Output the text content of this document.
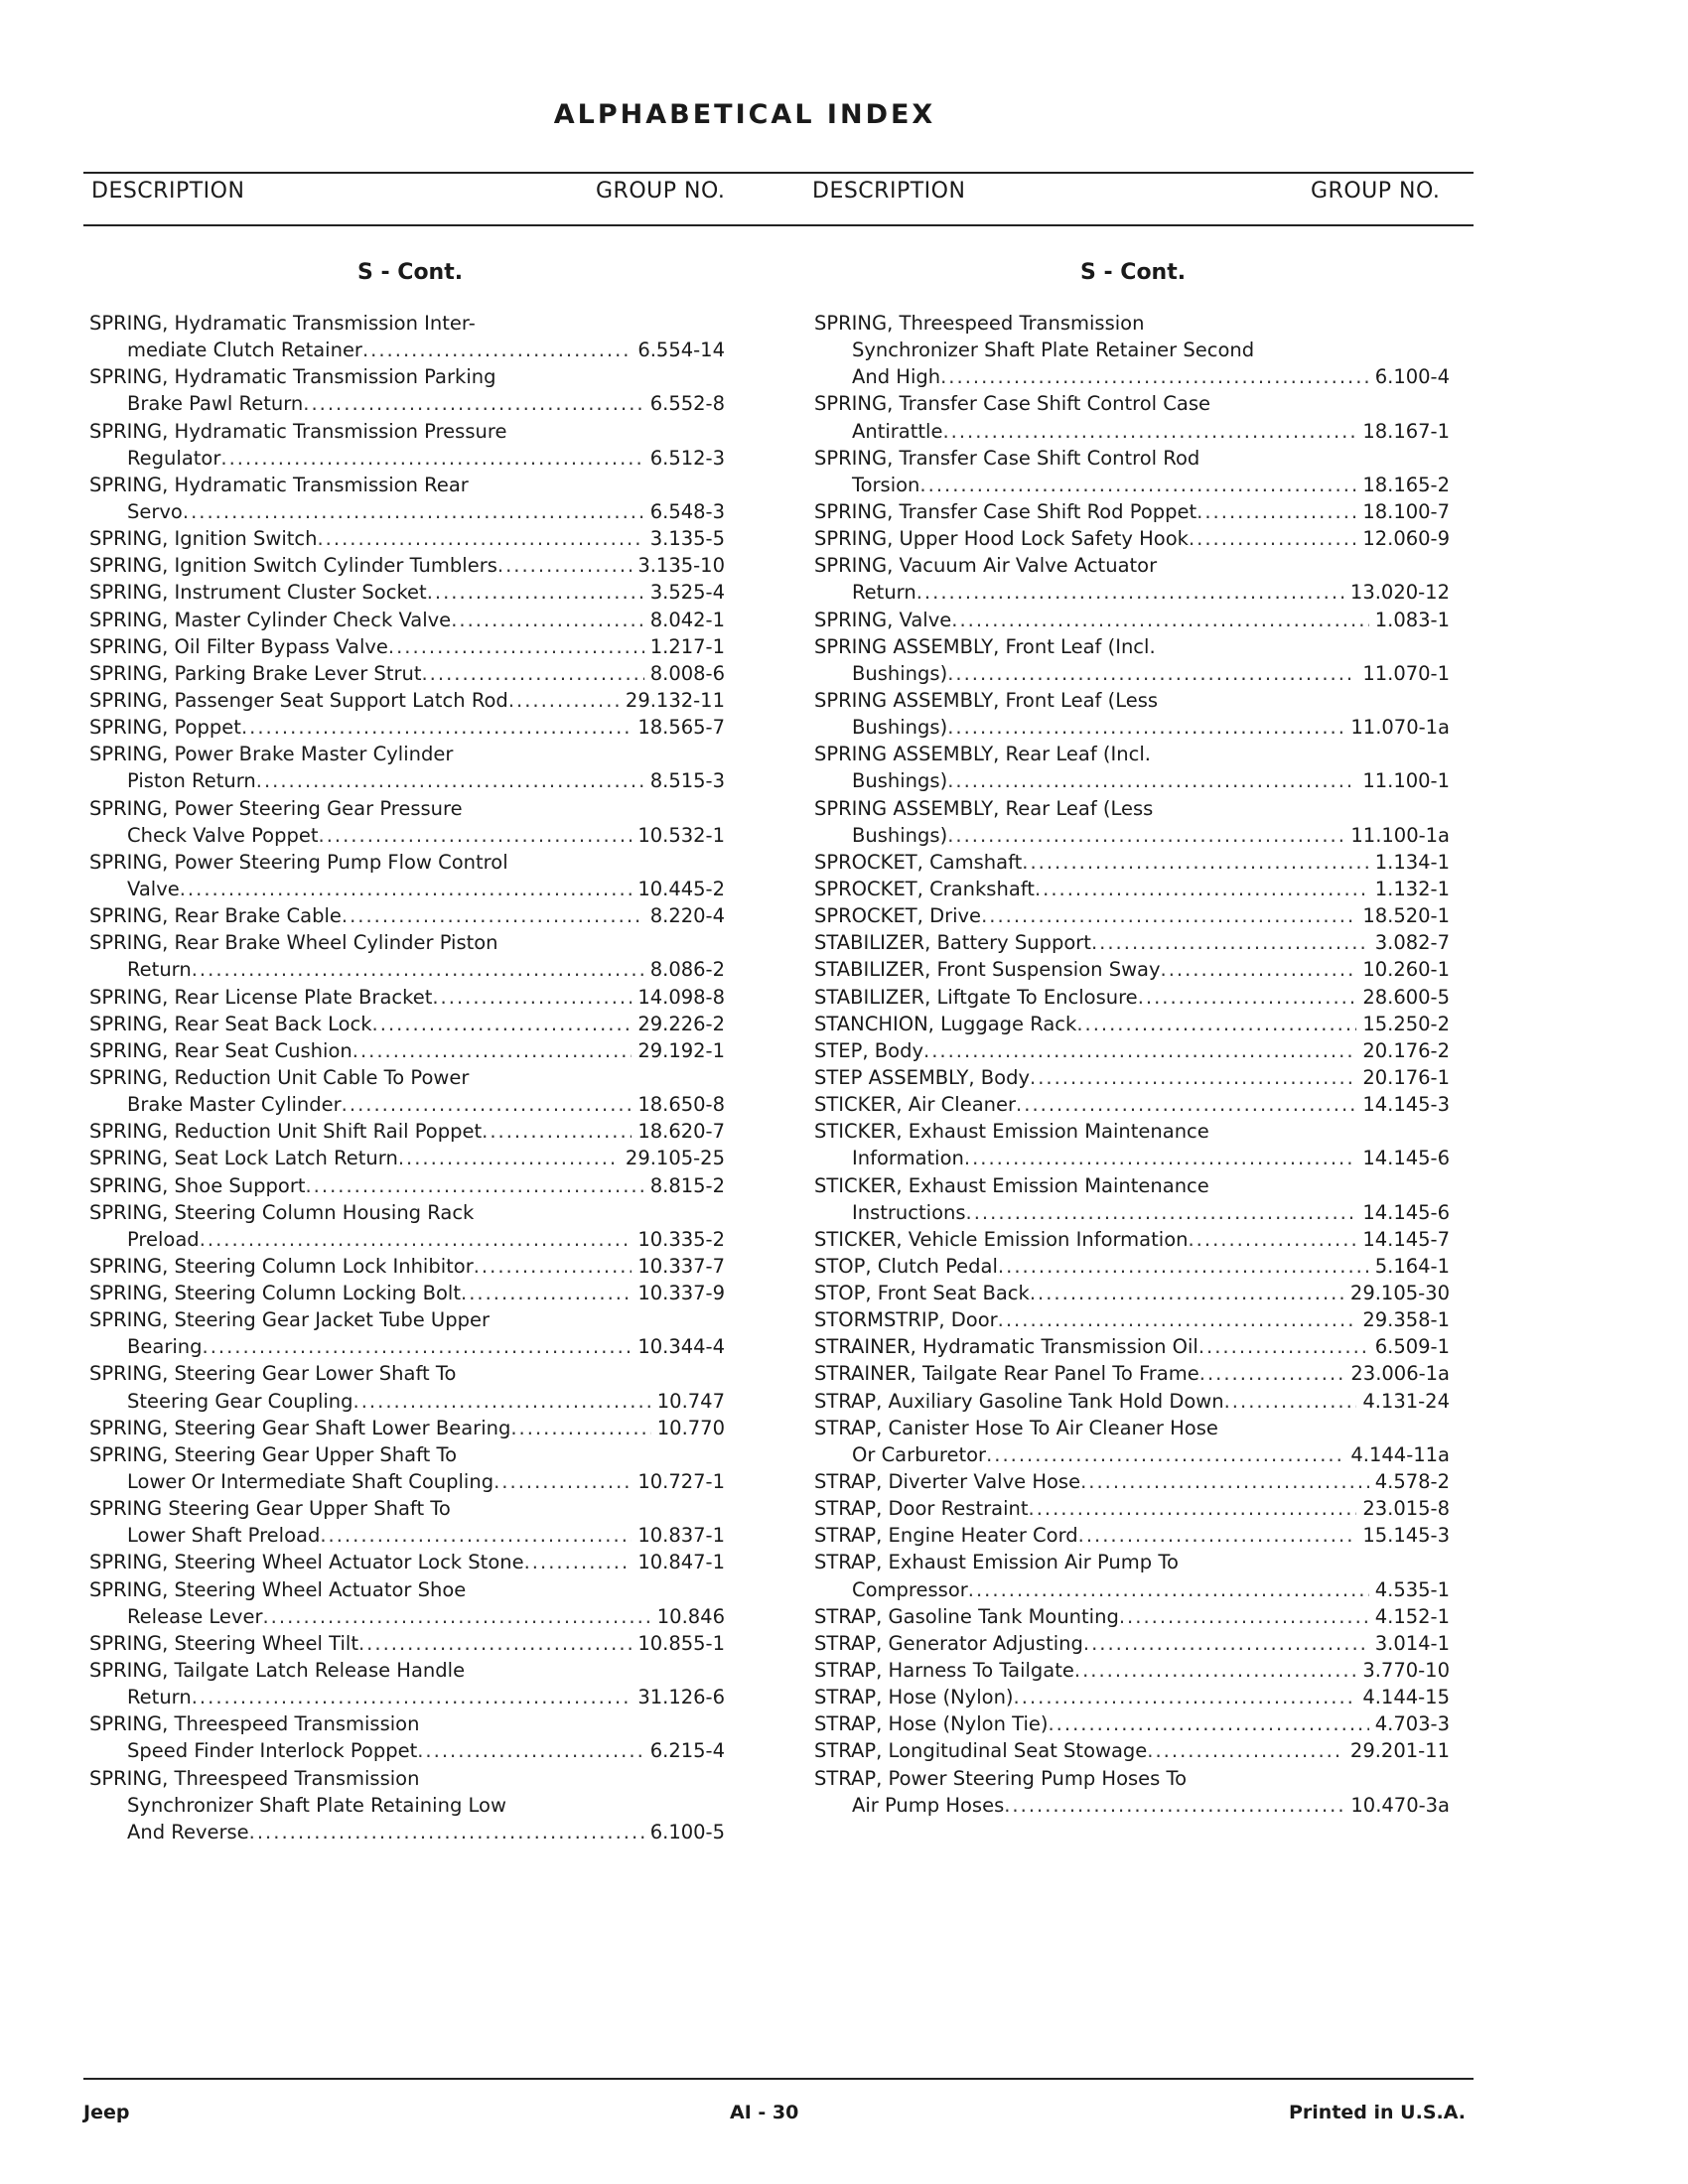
ALPHABETICAL INDEX
DESCRIPTION	GROUP NO.	DESCRIPTION	GROUP NO.
S - Cont.	S - Cont.
SPRING, Hydramatic Transmission Inter-
mediate Clutch Retainer .....	6.554-14
SPRING, Hydramatic Transmission Parking
Brake Pawl Return .....	6.552-8
SPRING, Hydramatic Transmission Pressure
Regulator .....	6.512-3
SPRING, Hydramatic Transmission Rear
Servo .....	6.548-3
SPRING, Ignition Switch .....	3.135-5
SPRING, Ignition Switch Cylinder Tumblers .....	3.135-10
SPRING, Instrument Cluster Socket .....	3.525-4
SPRING, Master Cylinder Check Valve .....	8.042-1
SPRING, Oil Filter Bypass Valve .....	1.217-1
SPRING, Parking Brake Lever Strut .....	8.008-6
SPRING, Passenger Seat Support Latch Rod .....	29.132-11
SPRING, Poppet .....	18.565-7
SPRING, Power Brake Master Cylinder
Piston Return .....	8.515-3
SPRING, Power Steering Gear Pressure
Check Valve Poppet .....	10.532-1
SPRING, Power Steering Pump Flow Control
Valve .....	10.445-2
SPRING, Rear Brake Cable .....	8.220-4
SPRING, Rear Brake Wheel Cylinder Piston
Return .....	8.086-2
SPRING, Rear License Plate Bracket .....	14.098-8
SPRING, Rear Seat Back Lock .....	29.226-2
SPRING, Rear Seat Cushion .....	29.192-1
SPRING, Reduction Unit Cable To Power
Brake Master Cylinder .....	18.650-8
SPRING, Reduction Unit Shift Rail Poppet .....	18.620-7
SPRING, Seat Lock Latch Return .....	29.105-25
SPRING, Shoe Support .....	8.815-2
SPRING, Steering Column Housing Rack
Preload .....	10.335-2
SPRING, Steering Column Lock Inhibitor .....	10.337-7
SPRING, Steering Column Locking Bolt .....	10.337-9
SPRING, Steering Gear Jacket Tube Upper
Bearing .....	10.344-4
SPRING, Steering Gear Lower Shaft To
Steering Gear Coupling .....	10.747
SPRING, Steering Gear Shaft Lower Bearing .....	10.770
SPRING, Steering Gear Upper Shaft To
Lower Or Intermediate Shaft Coupling .....	10.727-1
SPRING Steering Gear Upper Shaft To
Lower Shaft Preload .....	10.837-1
SPRING, Steering Wheel Actuator Lock Stone .....	10.847-1
SPRING, Steering Wheel Actuator Shoe
Release Lever .....	10.846
SPRING, Steering Wheel Tilt .....	10.855-1
SPRING, Tailgate Latch Release Handle
Return .....	31.126-6
SPRING, Threespeed Transmission
Speed Finder Interlock Poppet .....	6.215-4
SPRING, Threespeed Transmission
Synchronizer Shaft Plate Retaining Low
And Reverse .....	6.100-5
SPRING, Threespeed Transmission
Synchronizer Shaft Plate Retainer Second
And High .....	6.100-4
SPRING, Transfer Case Shift Control Case
Antirattle .....	18.167-1
SPRING, Transfer Case Shift Control Rod
Torsion .....	18.165-2
SPRING, Transfer Case Shift Rod Poppet .....	18.100-7
SPRING, Upper Hood Lock Safety Hook .....	12.060-9
SPRING, Vacuum Air Valve Actuator
Return .....	13.020-12
SPRING, Valve .....	1.083-1
SPRING ASSEMBLY, Front Leaf (Incl.
Bushings) .....	11.070-1
SPRING ASSEMBLY, Front Leaf (Less
Bushings) .....	11.070-1a
SPRING ASSEMBLY, Rear Leaf (Incl.
Bushings) .....	11.100-1
SPRING ASSEMBLY, Rear Leaf (Less
Bushings) .....	11.100-1a
SPROCKET, Camshaft .....	1.134-1
SPROCKET, Crankshaft .....	1.132-1
SPROCKET, Drive .....	18.520-1
STABILIZER, Battery Support .....	3.082-7
STABILIZER, Front Suspension Sway .....	10.260-1
STABILIZER, Liftgate To Enclosure .....	28.600-5
STANCHION, Luggage Rack .....	15.250-2
STEP, Body .....	20.176-2
STEP ASSEMBLY, Body .....	20.176-1
STICKER, Air Cleaner .....	14.145-3
STICKER, Exhaust Emission Maintenance
Information .....	14.145-6
STICKER, Exhaust Emission Maintenance
Instructions .....	14.145-6
STICKER, Vehicle Emission Information .....	14.145-7
STOP, Clutch Pedal .....	5.164-1
STOP, Front Seat Back .....	29.105-30
STORMSTRIP, Door .....	29.358-1
STRAINER, Hydramatic Transmission Oil .....	6.509-1
STRAINER, Tailgate Rear Panel To Frame .....	23.006-1a
STRAP, Auxiliary Gasoline Tank Hold Down .....	4.131-24
STRAP, Canister Hose To Air Cleaner Hose
Or Carburetor .....	4.144-11a
STRAP, Diverter Valve Hose .....	4.578-2
STRAP, Door Restraint .....	23.015-8
STRAP, Engine Heater Cord .....	15.145-3
STRAP, Exhaust Emission Air Pump To
Compressor .....	4.535-1
STRAP, Gasoline Tank Mounting .....	4.152-1
STRAP, Generator Adjusting .....	3.014-1
STRAP, Harness To Tailgate .....	3.770-10
STRAP, Hose (Nylon) .....	4.144-15
STRAP, Hose (Nylon Tie) .....	4.703-3
STRAP, Longitudinal Seat Stowage .....	29.201-11
STRAP, Power Steering Pump Hoses To
Air Pump Hoses .....	10.470-3a
Jeep	AI - 30	Printed in U.S.A.
